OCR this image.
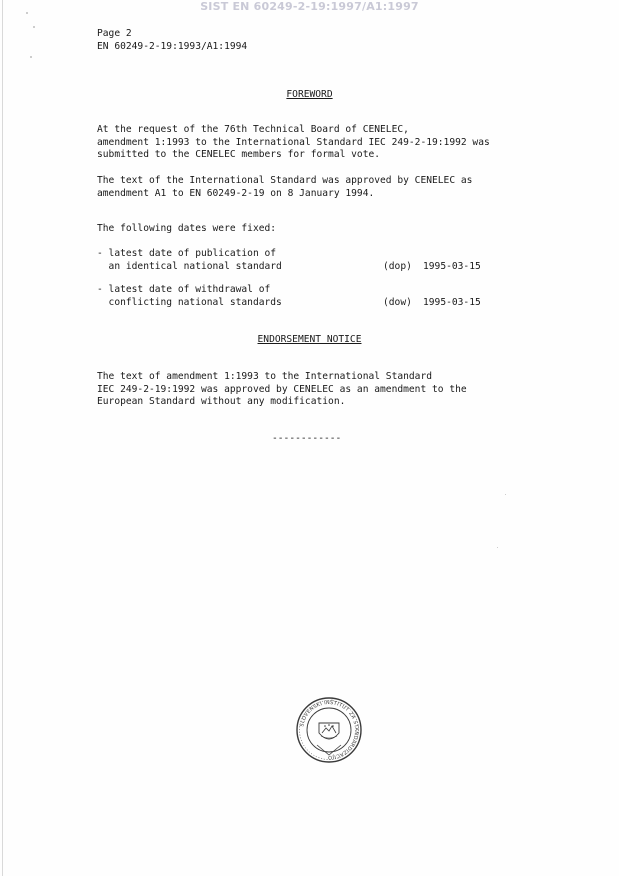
SIST EN 60249-2-19:1997/A1:1997
Page 2
EN 60249-2-19:1993/A1:1994
FOREWORD
At the request of the 76th Technical Board of CENELEC,
amendment 1:1993 to the International Standard IEC 249-2-19:1992 was
submitted to the CENELEC members for formal vote.
The text of the International Standard was approved by CENELEC as
amendment A1 to EN 60249-2-19 on 8 January 1994.
The following dates were fixed:
- latest date of publication of
an identical national standard	(dop) 1995-03-15
- latest date of withdrawal of
conflicting national standards	(dow) 1995-03-15
ENDORSEMENT NOTICE
The text of amendment 1:1993 to the International Standard
IEC 249-2-19:1992 was approved by CENELEC as an amendment to the
European Standard without any modification.
------------
SLOVENSKI INŠTITUT ZA STANDARDIZACIJO
